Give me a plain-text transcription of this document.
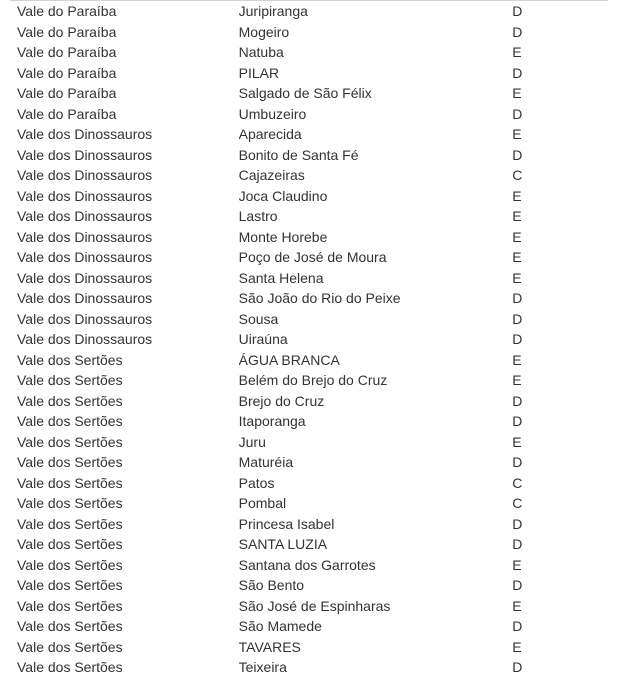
Vale do Paraíba	Juripiranga	D
Vale do Paraíba	Mogeiro	D
Vale do Paraíba	Natuba	E
Vale do Paraíba	PILAR	D
Vale do Paraíba	Salgado de São Félix	E
Vale do Paraíba	Umbuzeiro	D
Vale dos Dinossauros	Aparecida	E
Vale dos Dinossauros	Bonito de Santa Fé	D
Vale dos Dinossauros	Cajazeiras	C
Vale dos Dinossauros	Joca Claudino	E
Vale dos Dinossauros	Lastro	E
Vale dos Dinossauros	Monte Horebe	E
Vale dos Dinossauros	Poço de José de Moura	E
Vale dos Dinossauros	Santa Helena	E
Vale dos Dinossauros	São João do Rio do Peixe	D
Vale dos Dinossauros	Sousa	D
Vale dos Dinossauros	Uiraúna	D
Vale dos Sertões	ÁGUA BRANCA	E
Vale dos Sertões	Belém do Brejo do Cruz	E
Vale dos Sertões	Brejo do Cruz	D
Vale dos Sertões	Itaporanga	D
Vale dos Sertões	Juru	E
Vale dos Sertões	Maturéia	D
Vale dos Sertões	Patos	C
Vale dos Sertões	Pombal	C
Vale dos Sertões	Princesa Isabel	D
Vale dos Sertões	SANTA LUZIA	D
Vale dos Sertões	Santana dos Garrotes	E
Vale dos Sertões	São Bento	D
Vale dos Sertões	São José de Espinharas	E
Vale dos Sertões	São Mamede	D
Vale dos Sertões	TAVARES	E
Vale dos Sertões	Teixeira	D
